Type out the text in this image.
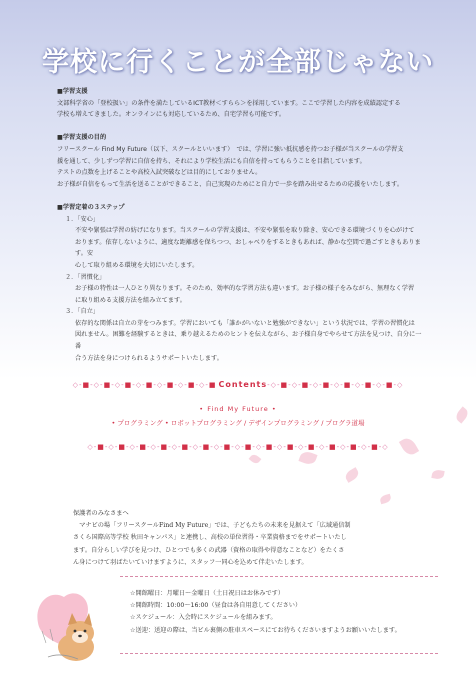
学校に行くことが全部じゃない

■学習支援

文部科学省の「登校扱い」の条件を満たしているICT教材＜すらら＞を採用しています。ここで学習した内容を成績認定する

学校も増えてきました。オンラインにも対応しているため、自宅学習も可能です。

■学習支援の目的

フリースクール Find My Future（以下、スクールといいます）　では、学習に強い抵抗感を持つお子様が当スクールの学習支

援を通して、少しずつ学習に自信を持ち、それにより学校生活にも自信を持ってもらうことを目指しています。

テストの点数を上げることや高校入試突破などは目的にしておりません。

お子様が自信をもって生活を送ることができること、自己実現のためにと自力で一歩を踏み出せるための応援をいたします。

■学習定着の３ステップ

１．「安心」

不安や緊張は学習の妨げになります。当スクールの学習支援は、不安や緊張を取り除き、安心できる環境づくりを心がけて

おります。依存しないように、適度な距離感を保ちつつ、おしゃべりをするときもあれば、静かな空間で過ごすときもあります。安

心して取り組める環境を大切にいたします。

２．「習慣化」

お子様の特性は一人ひとり異なります。そのため、効率的な学習方法も違います。お子様の様子をみながら、無理なく学習

に取り組める支援方法を組み立てます。

３．「自立」

依存的な関係は自立の芽をつみます。学習においても「誰かがいないと勉強ができない」という状況では、学習の習慣化は

図れません。困難を経験するときは、乗り越えるためのヒントを伝えながら、お子様自身でやらせて方法を見つけ、自分に一番

合う方法を身につけられるようサポートいたします。

◇-■-◇-■-◇-■-◇-■-◇-■-◇-■-◇-■ Contents-◇-■-◇-■-◇-■-◇-■-◇-■-◇-■-◇
• Find My Future •
• プログラミング • ロボットプログラミング / デザインプログラミング / プログラ道場
◇-■-◇-■-◇-■-◇-■-◇-■-◇-■-◇-■-◇-■-◇-■-◇-■-◇-■-◇-■-◇-■-◇-■-◇

保護者のみなさまへ

　マナビの場「フリースクールFind My Future」では、子どもたちの未来を見据えて「広域通信制

さくら国際高等学校 秋田キャンパス」と連携し、高校の単位習得・卒業資格までをサポートいたし

ます。自分らしい学びを見つけ、ひとつでも多くの武器（資格の取得や得意なことなど）をたくさ

ん身につけて羽ばたいていけますように、スタッフ一同心を込めて伴走いたします。

☆開館曜日：月曜日～金曜日（土日祝日はお休みです）

☆開館時間：10:00～16:00（昼食は各自用意してください）

☆スケジュール：入会時にスケジュールを組みます。

☆送迎：送迎の際は、当ビル裏側の駐車スペースにてお待ちくださいますようお願いいたします。
